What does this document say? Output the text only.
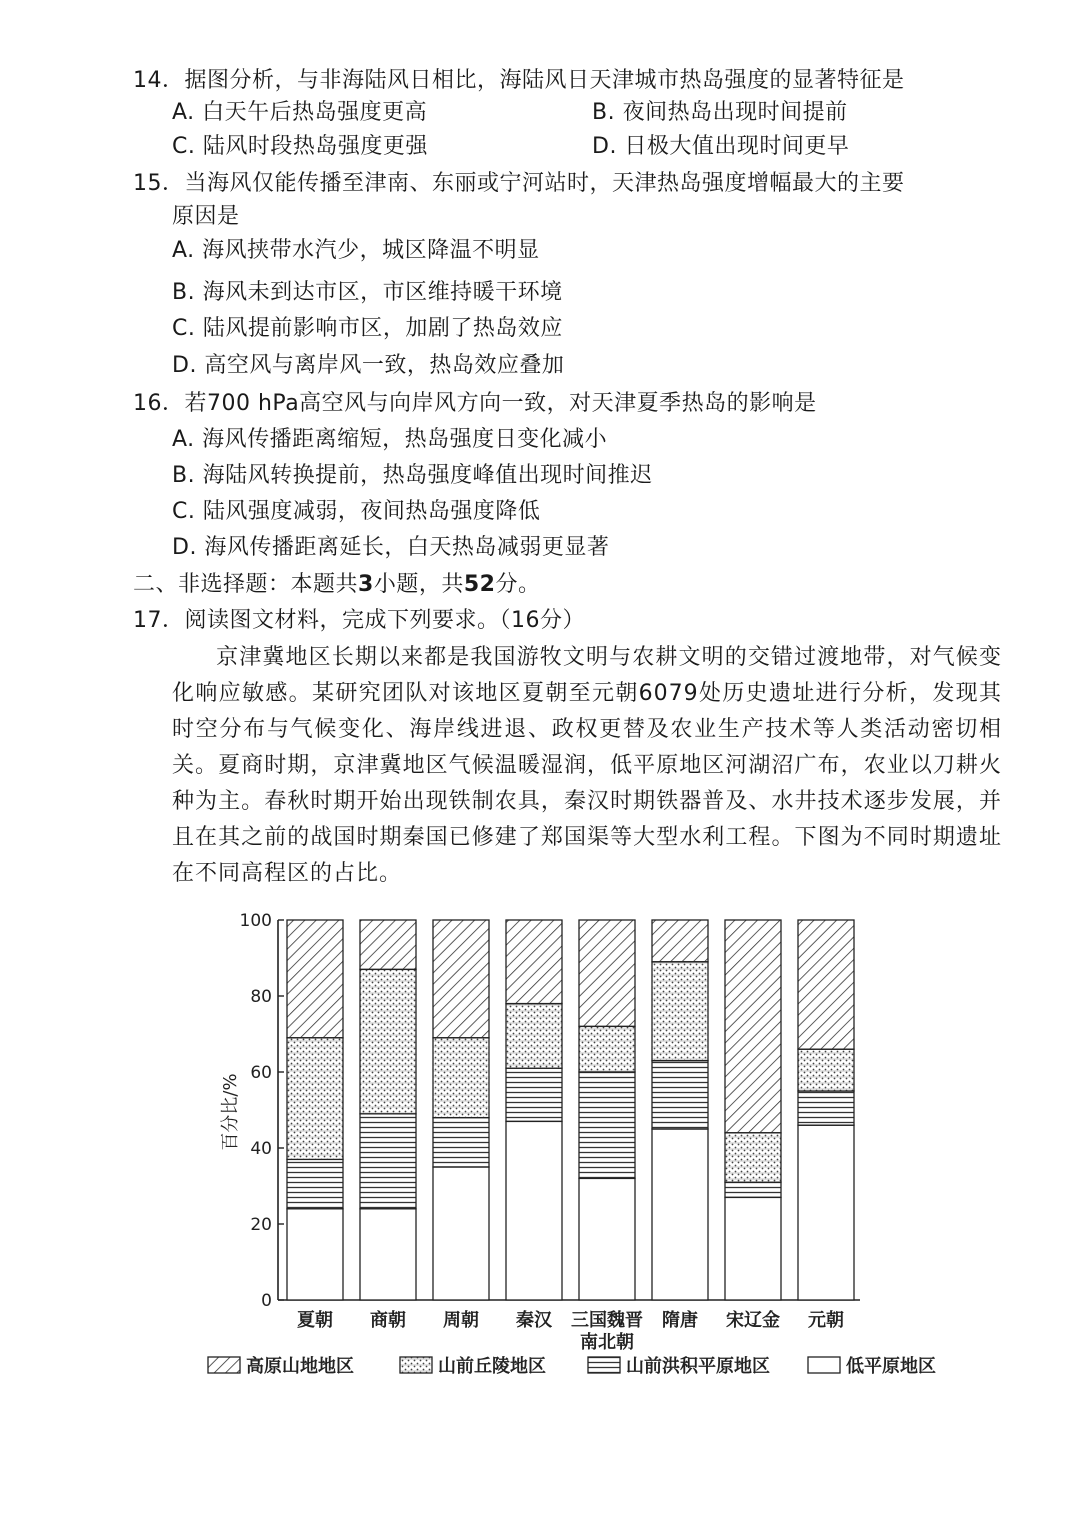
14．据图分析，与非海陆风日相比，海陆风日天津城市热岛强度的显著特征是
A. 白天午后热岛强度更高	B. 夜间热岛出现时间提前
C. 陆风时段热岛强度更强	D. 日极大值出现时间更早
15．当海风仅能传播至津南、东丽或宁河站时，天津热岛强度增幅最大的主要
原因是
A. 海风挟带水汽少，城区降温不明显
B. 海风未到达市区，市区维持暖干环境
C. 陆风提前影响市区，加剧了热岛效应
D. 高空风与离岸风一致，热岛效应叠加
16．若700 hPa高空风与向岸风方向一致，对天津夏季热岛的影响是
A. 海风传播距离缩短，热岛强度日变化减小
B. 海陆风转换提前，热岛强度峰值出现时间推迟
C. 陆风强度减弱，夜间热岛强度降低
D. 海风传播距离延长，白天热岛减弱更显著
二、非选择题：本题共3小题，共52分。
17．阅读图文材料，完成下列要求。（16分）
京津冀地区长期以来都是我国游牧文明与农耕文明的交错过渡地带，对气候变化响应敏感。某研究团队对该地区夏朝至元朝6079处历史遗址进行分析，发现其时空分布与气候变化、海岸线进退、政权更替及农业生产技术等人类活动密切相关。夏商时期，京津冀地区气候温暖湿润，低平原地区河湖沼广布，农业以刀耕火种为主。春秋时期开始出现铁制农具，秦汉时期铁器普及、水井技术逐步发展，并且在其之前的战国时期秦国已修建了郑国渠等大型水利工程。下图为不同时期遗址在不同高程区的占比。
0
20
40
60
80
100
百分比/%
夏朝 商朝 周朝 秦汉 三国魏晋
南北朝
隋唐 宋辽金 元朝
高原山地地区	山前丘陵地区	山前洪积平原地区	低平原地区
